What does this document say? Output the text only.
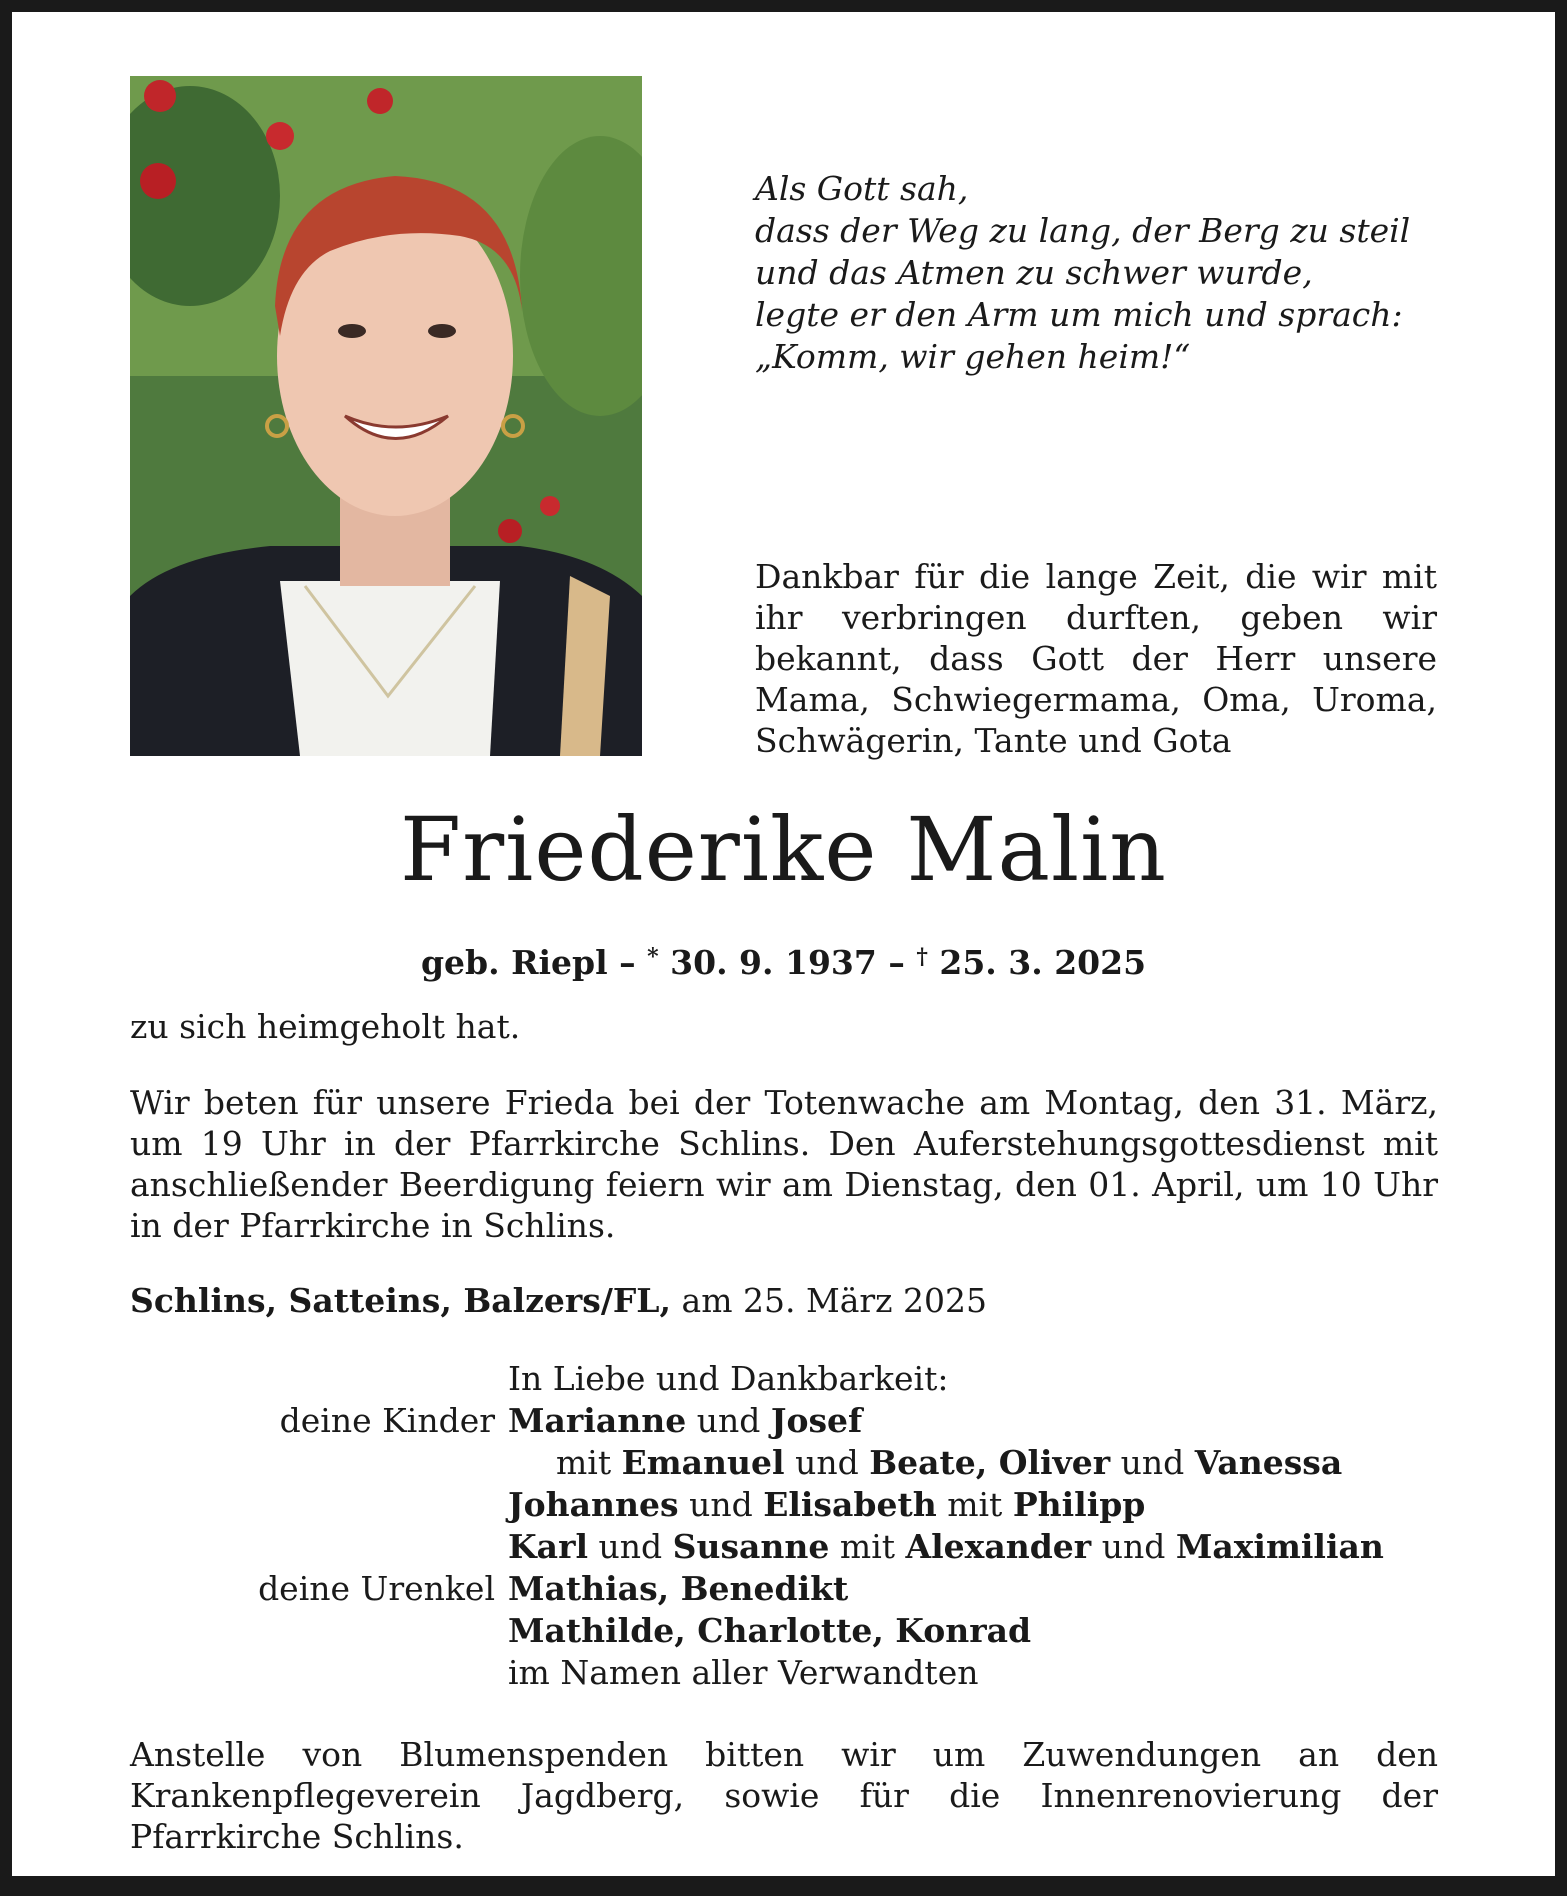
Als Gott sah,
dass der Weg zu lang, der Berg zu steil
und das Atmen zu schwer wurde,
legte er den Arm um mich und sprach:
„Komm, wir gehen heim!“
Dankbar für die lange Zeit, die wir mit ihr verbringen durften, geben wir bekannt, dass Gott der Herr unsere Mama, Schwiegermama, Oma, Uroma, Schwägerin, Tante und Gota
Friederike Malin
geb. Riepl – * 30. 9. 1937 – † 25. 3. 2025
zu sich heimgeholt hat.
Wir beten für unsere Frieda bei der Totenwache am Montag, den 31. März, um 19 Uhr in der Pfarrkirche Schlins. Den Auferstehungsgottesdienst mit anschließender Beerdigung feiern wir am Dienstag, den 01. April, um 10 Uhr in der Pfarrkirche in Schlins.
Schlins, Satteins, Balzers/FL, am 25. März 2025
In Liebe und Dankbarkeit:
deine Kinder Marianne und Josef
mit Emanuel und Beate, Oliver und Vanessa
Johannes und Elisabeth mit Philipp
Karl und Susanne mit Alexander und Maximilian
deine Urenkel Mathias, Benedikt
Mathilde, Charlotte, Konrad
im Namen aller Verwandten
Anstelle von Blumenspenden bitten wir um Zuwendungen an den Krankenpflegeverein Jagdberg, sowie für die Innenrenovierung der Pfarrkirche Schlins.
